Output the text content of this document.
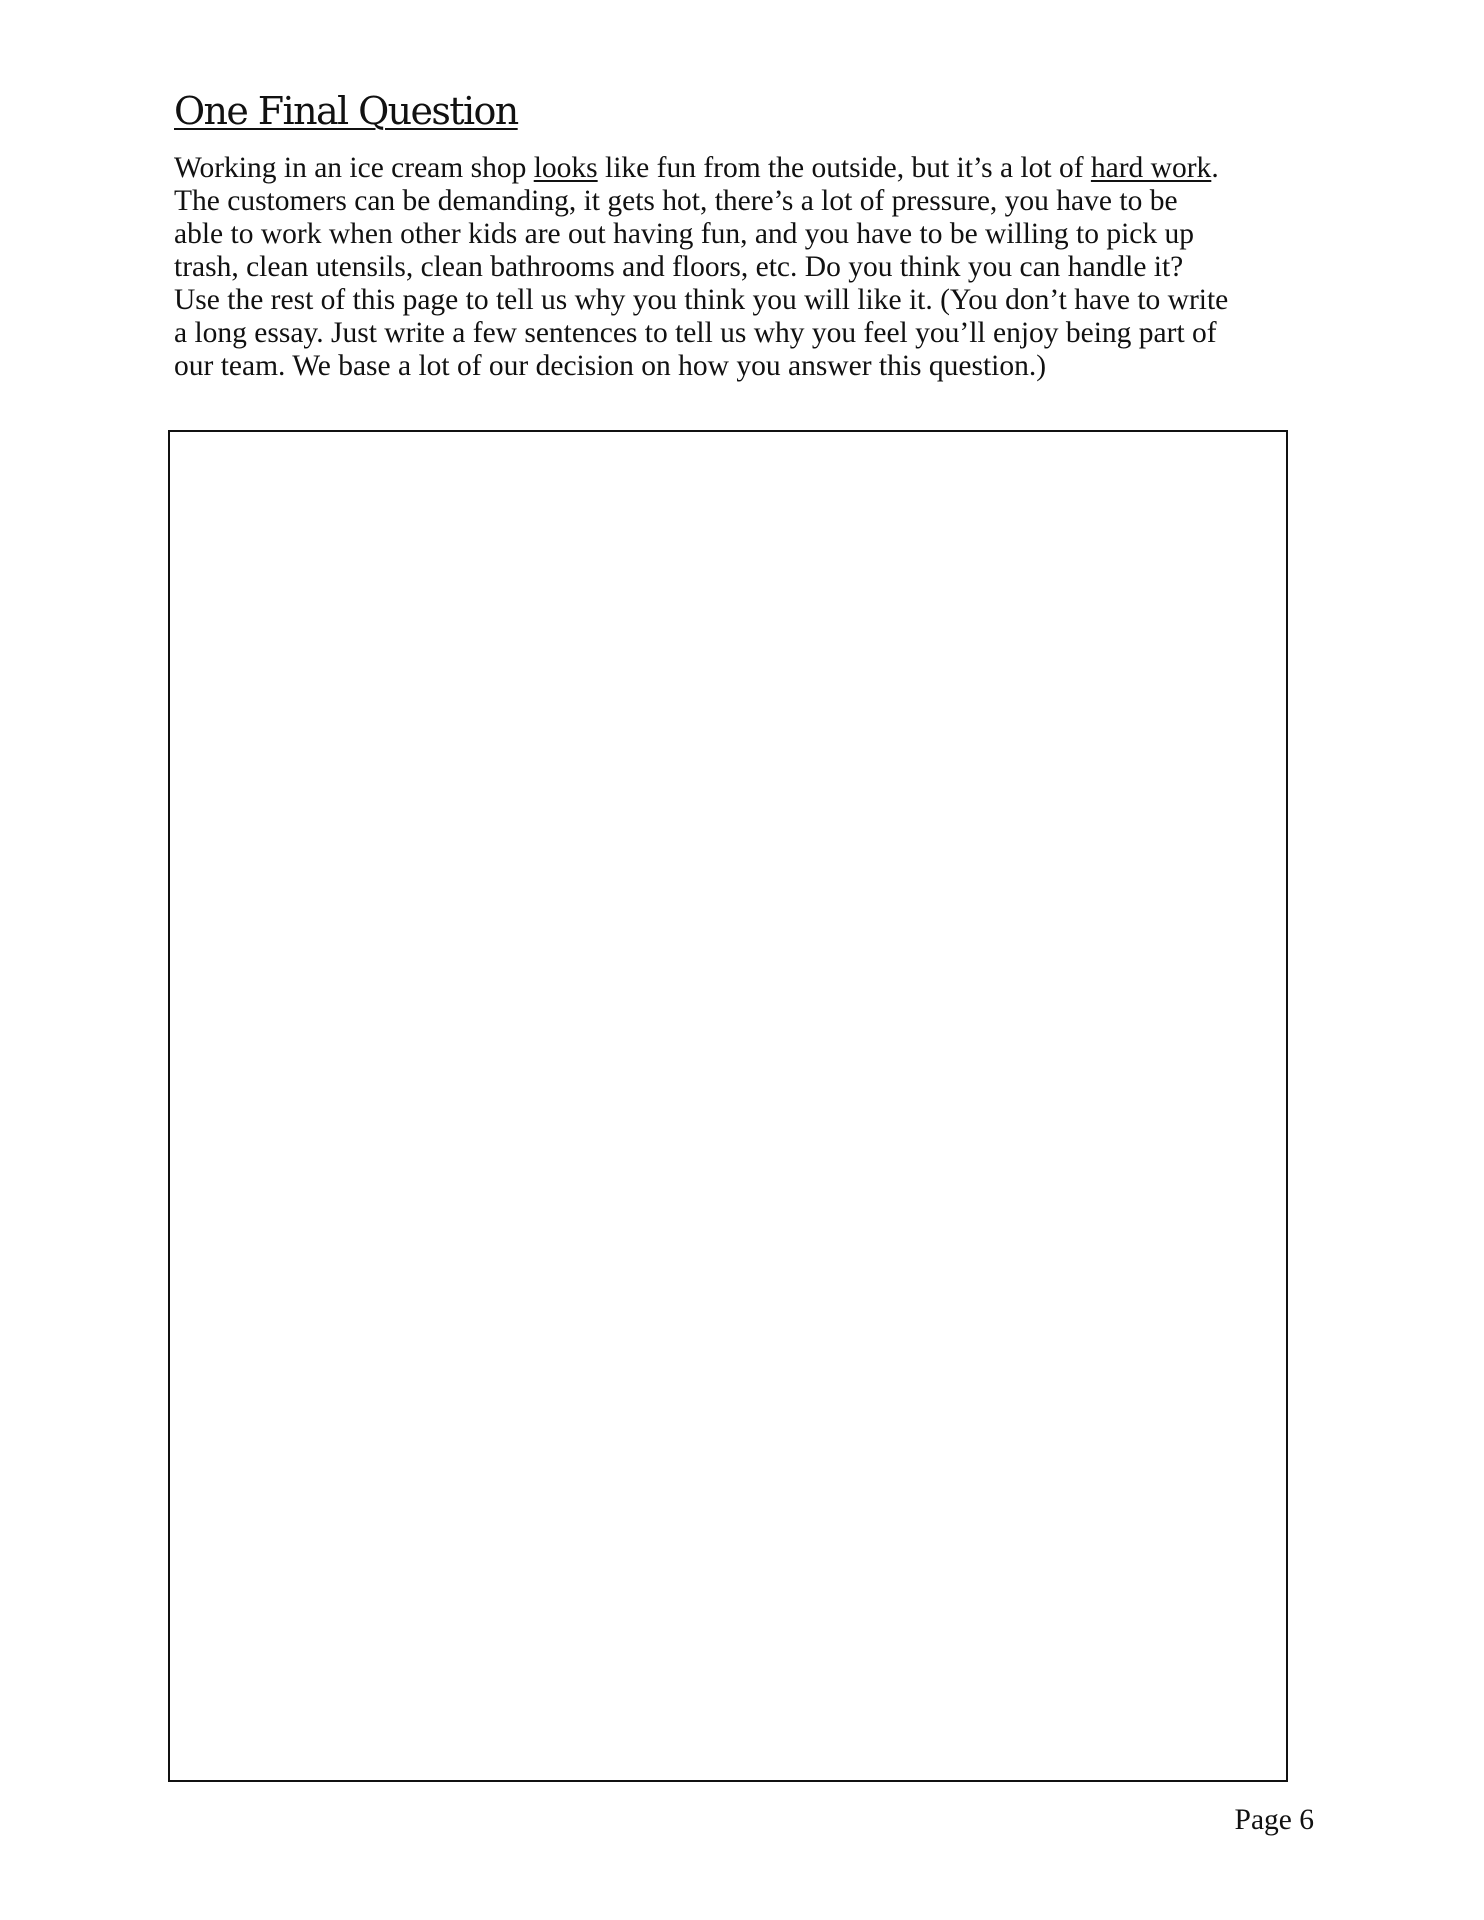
One Final Question

Working in an ice cream shop looks like fun from the outside, but it’s a lot of hard work.
The customers can be demanding, it gets hot, there’s a lot of pressure, you have to be
able to work when other kids are out having fun, and you have to be willing to pick up
trash, clean utensils, clean bathrooms and floors, etc. Do you think you can handle it?
Use the rest of this page to tell us why you think you will like it. (You don’t have to write
a long essay. Just write a few sentences to tell us why you feel you’ll enjoy being part of
our team. We base a lot of our decision on how you answer this question.)

Page 6
